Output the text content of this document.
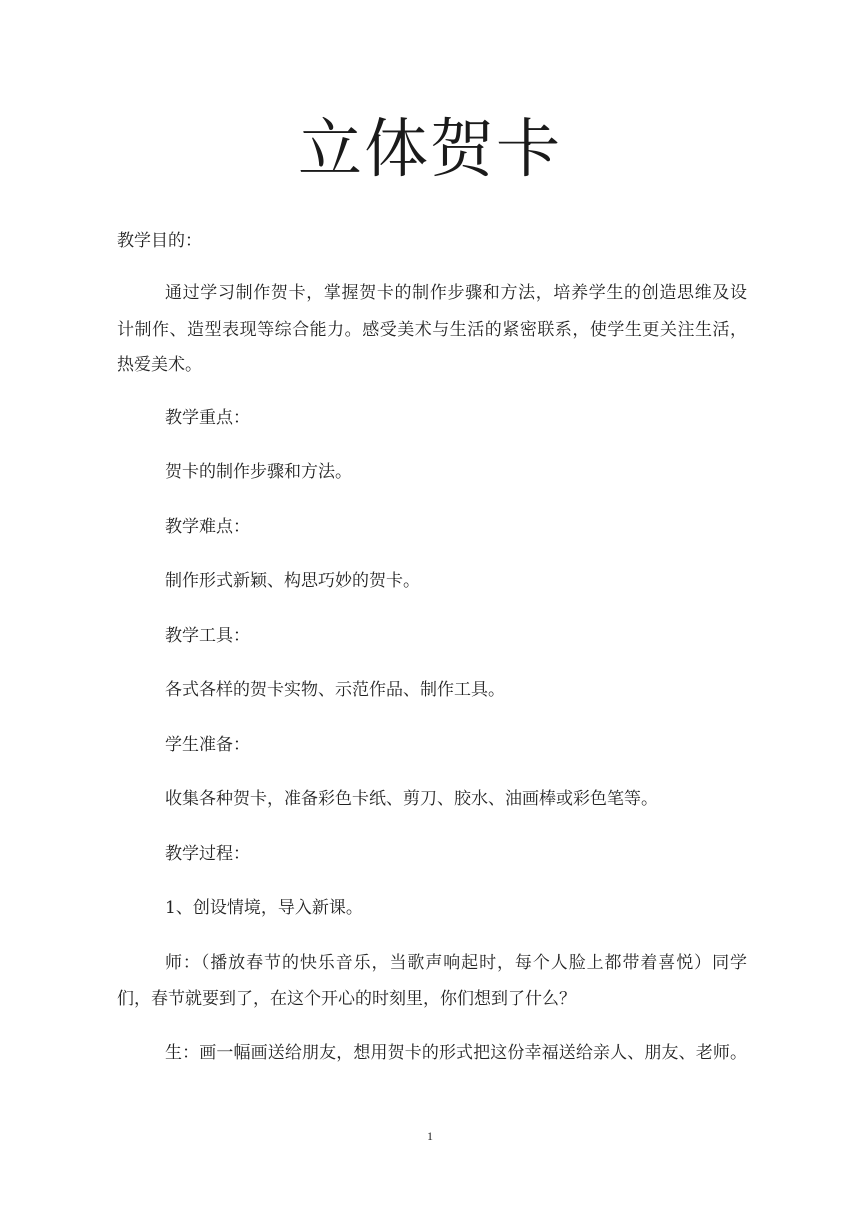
立体贺卡

教学目的：

通过学习制作贺卡，掌握贺卡的制作步骤和方法，培养学生的创造思维及设

计制作、造型表现等综合能力。感受美术与生活的紧密联系，使学生更关注生活，

热爱美术。

教学重点：

贺卡的制作步骤和方法。

教学难点：

制作形式新颖、构思巧妙的贺卡。

教学工具：

各式各样的贺卡实物、示范作品、制作工具。

学生准备：

收集各种贺卡，准备彩色卡纸、剪刀、胶水、油画棒或彩色笔等。

教学过程：

1、创设情境，导入新课。

师：（播放春节的快乐音乐，当歌声响起时，每个人脸上都带着喜悦）同学

们，春节就要到了，在这个开心的时刻里，你们想到了什么？

生：画一幅画送给朋友，想用贺卡的形式把这份幸福送给亲人、朋友、老师。

1
